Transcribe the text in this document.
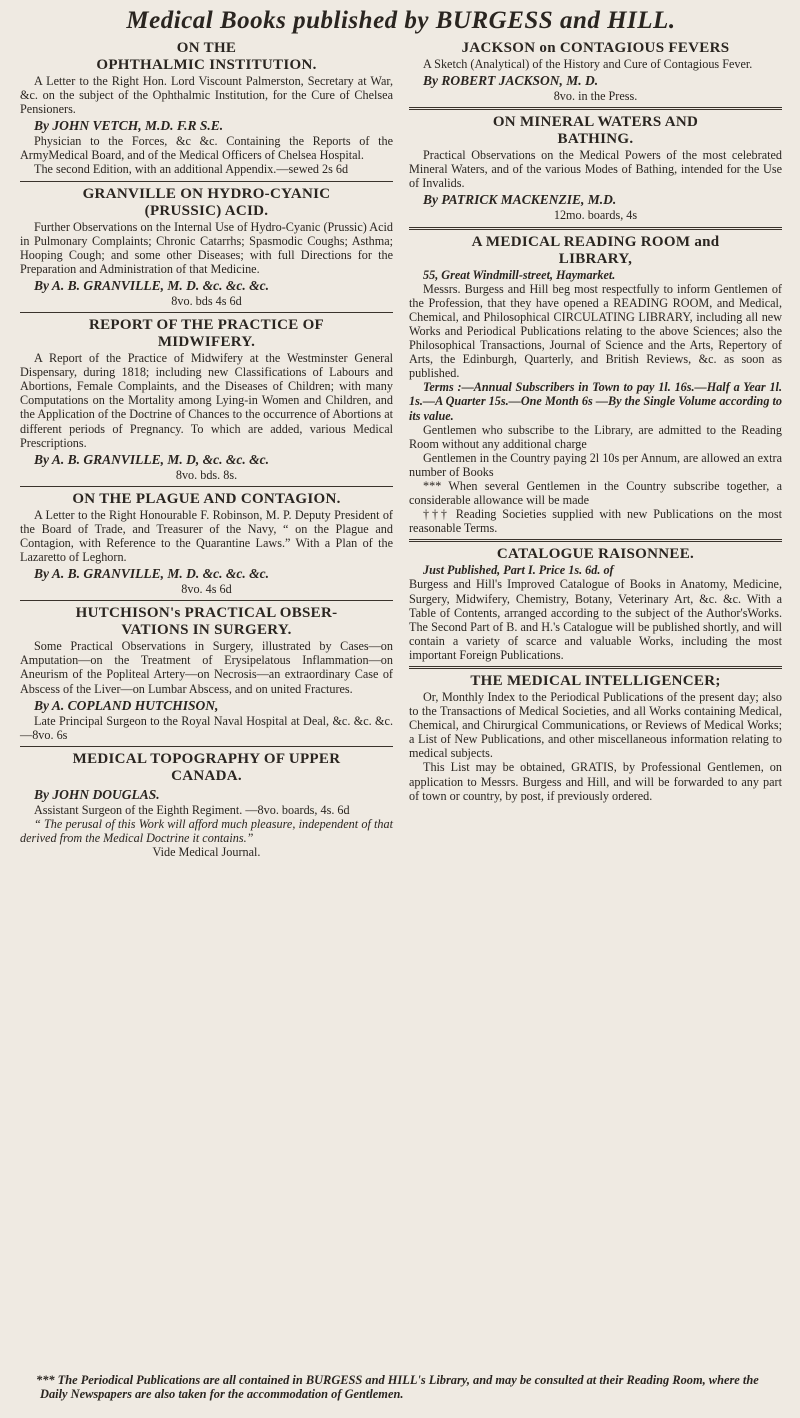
Medical Books published by BURGESS and HILL.

ON THE

OPHTHALMIC INSTITUTION.

A Letter to the Right Hon. Lord Viscount Palmerston, Secretary at War, &c. on the subject of the Ophthalmic Institution, for the Cure of Chelsea Pensioners.

By JOHN VETCH, M.D. F.R S.E.

Physician to the Forces, &c &c. Containing the Reports of the ArmyMedical Board, and of the Medical Officers of Chelsea Hospital.

The second Edition, with an additional Appendix.—sewed 2s 6d

GRANVILLE ON HYDRO-CYANIC

(PRUSSIC) ACID.

Further Observations on the Internal Use of Hydro-Cyanic (Prussic) Acid in Pulmonary Complaints; Chronic Catarrhs; Spasmodic Coughs; Asthma; Hooping Cough; and some other Diseases; with full Directions for the Preparation and Administration of that Medicine.

By A. B. GRANVILLE, M. D. &c. &c. &c.

8vo. bds 4s 6d

REPORT OF THE PRACTICE OF

MIDWIFERY.

A Report of the Practice of Midwifery at the Westminster General Dispensary, during 1818; including new Classifications of Labours and Abortions, Female Complaints, and the Diseases of Children; with many Computations on the Mortality among Lying-in Women and Children, and the Application of the Doctrine of Chances to the occurrence of Abortions at different periods of Pregnancy. To which are added, various Medical Prescriptions.

By A. B. GRANVILLE, M. D, &c. &c. &c.

8vo. bds. 8s.

ON THE PLAGUE AND CONTAGION.

A Letter to the Right Honourable F. Robinson, M. P. Deputy President of the Board of Trade, and Treasurer of the Navy, “ on the Plague and Contagion, with Reference to the Quarantine Laws.” With a Plan of the Lazaretto of Leghorn.

By A. B. GRANVILLE, M. D. &c. &c. &c.

8vo. 4s 6d

HUTCHISON's PRACTICAL OBSER-

VATIONS IN SURGERY.

Some Practical Observations in Surgery, illustrated by Cases—on Amputation—on the Treatment of Erysipelatous Inflammation—on Aneurism of the Popliteal Artery—on Necrosis—an extraordinary Case of Abscess of the Liver—on Lumbar Abscess, and on united Fractures.

By A. COPLAND HUTCHISON,

Late Principal Surgeon to the Royal Naval Hospital at Deal, &c. &c. &c.—8vo. 6s

MEDICAL TOPOGRAPHY OF UPPER

CANADA.

By JOHN DOUGLAS.

Assistant Surgeon of the Eighth Regiment. —8vo. boards, 4s. 6d

“ The perusal of this Work will afford much pleasure, independent of that derived from the Medical Doctrine it contains.”

Vide Medical Journal.

JACKSON on CONTAGIOUS FEVERS

A Sketch (Analytical) of the History and Cure of Contagious Fever.

By ROBERT JACKSON, M. D.

8vo. in the Press.

ON MINERAL WATERS AND

BATHING.

Practical Observations on the Medical Powers of the most celebrated Mineral Waters, and of the various Modes of Bathing, intended for the Use of Invalids.

By PATRICK MACKENZIE, M.D.

12mo. boards, 4s

A MEDICAL READING ROOM and

LIBRARY,

55, Great Windmill-street, Haymarket.

Messrs. Burgess and Hill beg most respectfully to inform Gentlemen of the Profession, that they have opened a READING ROOM, and Medical, Chemical, and Philosophical CIRCULATING LIBRARY, including all new Works and Periodical Publications relating to the above Sciences; also the Philosophical Transactions, Journal of Science and the Arts, Repertory of Arts, the Edinburgh, Quarterly, and British Reviews, &c. as soon as published.

Terms :—Annual Subscribers in Town to pay 1l. 16s.—Half a Year 1l. 1s.—A Quarter 15s.—One Month 6s —By the Single Volume according to its value.

Gentlemen who subscribe to the Library, are admitted to the Reading Room without any additional charge

Gentlemen in the Country paying 2l 10s per Annum, are allowed an extra number of Books

*** When several Gentlemen in the Country subscribe together, a considerable allowance will be made

††† Reading Societies supplied with new Publications on the most reasonable Terms.

CATALOGUE RAISONNEE.

Just Published, Part I. Price 1s. 6d. of

Burgess and Hill's Improved Catalogue of Books in Anatomy, Medicine, Surgery, Midwifery, Chemistry, Botany, Veterinary Art, &c. &c. With a Table of Contents, arranged according to the subject of the Author'sWorks. The Second Part of B. and H.'s Catalogue will be published shortly, and will contain a variety of scarce and valuable Works, including the most important Foreign Publications.

THE MEDICAL INTELLIGENCER;

Or, Monthly Index to the Periodical Publications of the present day; also to the Transactions of Medical Societies, and all Works containing Medical, Chemical, and Chirurgical Communications, or Reviews of Medical Works; a List of New Publications, and other miscellaneous information relating to medical subjects.

This List may be obtained, GRATIS, by Professional Gentlemen, on application to Messrs. Burgess and Hill, and will be forwarded to any part of town or country, by post, if previously ordered.

*** The Periodical Publications are all contained in BURGESS and HILL's Library, and may be consulted at their Reading Room, where the Daily Newspapers are also taken for the accommodation of Gentlemen.
